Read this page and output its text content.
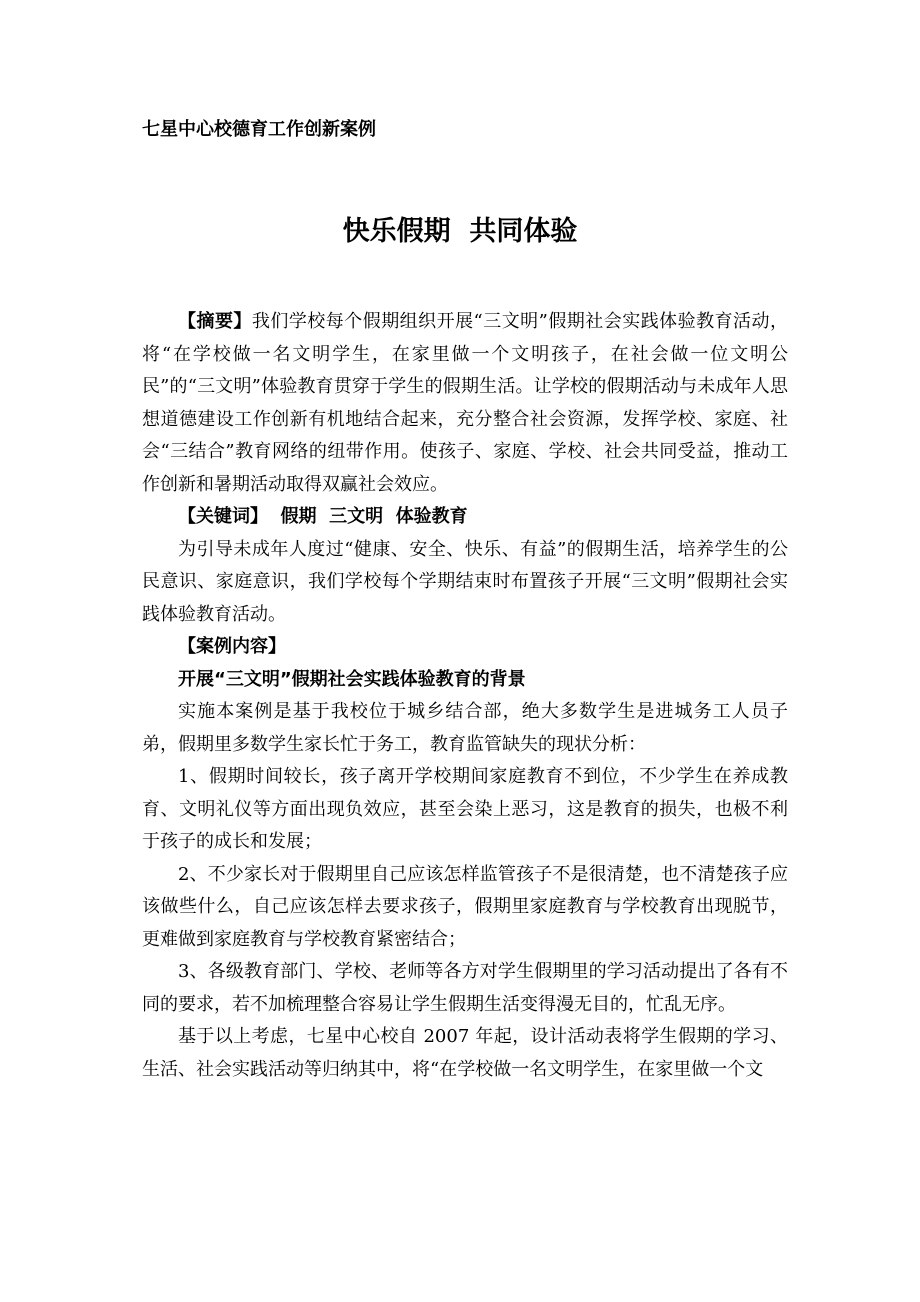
七星中心校德育工作创新案例
快乐假期  共同体验

【摘要】我们学校每个假期组织开展“三文明”假期社会实践体验教育活动，将“在学校做一名文明学生，在家里做一个文明孩子，在社会做一位文明公民”的“三文明”体验教育贯穿于学生的假期生活。让学校的假期活动与未成年人思想道德建设工作创新有机地结合起来，充分整合社会资源，发挥学校、家庭、社会“三结合”教育网络的纽带作用。使孩子、家庭、学校、社会共同受益，推动工作创新和暑期活动取得双赢社会效应。

【关键词】  假期  三文明  体验教育

为引导未成年人度过“健康、安全、快乐、有益”的假期生活，培养学生的公民意识、家庭意识，我们学校每个学期结束时布置孩子开展“三文明”假期社会实践体验教育活动。

【案例内容】

开展“三文明”假期社会实践体验教育的背景

实施本案例是基于我校位于城乡结合部，绝大多数学生是进城务工人员子弟，假期里多数学生家长忙于务工，教育监管缺失的现状分析：

1、假期时间较长，孩子离开学校期间家庭教育不到位，不少学生在养成教育、文明礼仪等方面出现负效应，甚至会染上恶习，这是教育的损失，也极不利于孩子的成长和发展；

2、不少家长对于假期里自己应该怎样监管孩子不是很清楚，也不清楚孩子应该做些什么，自己应该怎样去要求孩子，假期里家庭教育与学校教育出现脱节，更难做到家庭教育与学校教育紧密结合；

3、各级教育部门、学校、老师等各方对学生假期里的学习活动提出了各有不同的要求，若不加梳理整合容易让学生假期生活变得漫无目的，忙乱无序。

基于以上考虑，七星中心校自 2007 年起，设计活动表将学生假期的学习、生活、社会实践活动等归纳其中，将“在学校做一名文明学生，在家里做一个文
